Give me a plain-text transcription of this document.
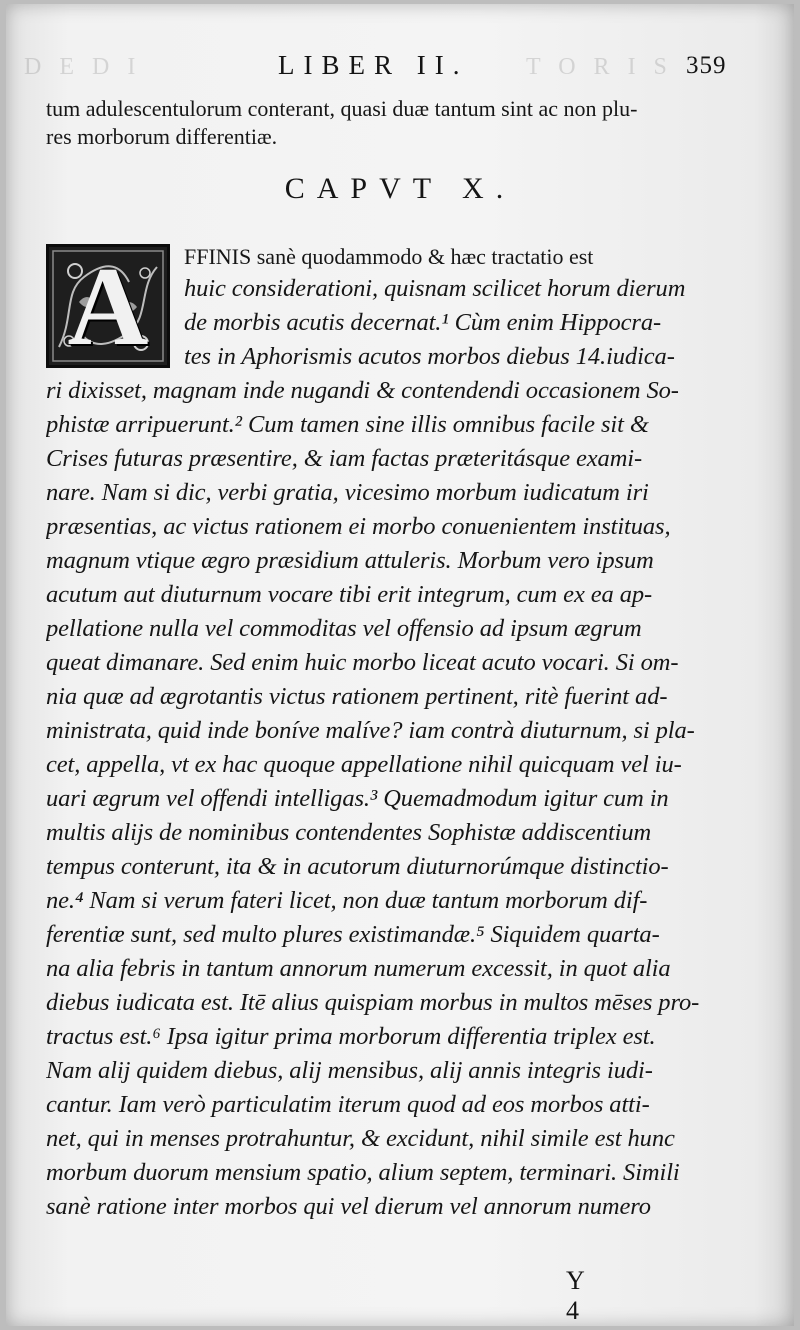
D E D I	LIBER II. T O R I S 359
tum adulescentulorum conterant, quasi duæ tantum sint ac non plu-
res morborum differentiæ.
CAPVT X.
A	FFINIS sanè quodammodo & hæc tractatio est
huic considerationi, quisnam scilicet horum dierum
de morbis acutis decernat.¹ Cùm enim Hippocra-
tes in Aphorismis acutos morbos diebus 14.iudica-
ri dixisset, magnam inde nugandi & contendendi occasionem So-
phistæ arripuerunt.² Cum tamen sine illis omnibus facile sit &
Crises futuras præsentire, & iam factas præteritásque exami-
nare. Nam si dic, verbi gratia, vicesimo morbum iudicatum iri
præsentias, ac victus rationem ei morbo conuenientem instituas,
magnum vtique ægro præsidium attuleris. Morbum vero ipsum
acutum aut diuturnum vocare tibi erit integrum, cum ex ea ap-
pellatione nulla vel commoditas vel offensio ad ipsum ægrum
queat dimanare. Sed enim huic morbo liceat acuto vocari. Si om-
nia quæ ad ægrotantis victus rationem pertinent, ritè fuerint ad-
ministrata, quid inde boníve malíve? iam contrà diuturnum, si pla-
cet, appella, vt ex hac quoque appellatione nihil quicquam vel iu-
uari ægrum vel offendi intelligas.³ Quemadmodum igitur cum in
multis alijs de nominibus contendentes Sophistæ addiscentium
tempus conterunt, ita & in acutorum diuturnorúmque distinctio-
ne.⁴ Nam si verum fateri licet, non duæ tantum morborum dif-
ferentiæ sunt, sed multo plures existimandæ.⁵ Siquidem quarta-
na alia febris in tantum annorum numerum excessit, in quot alia
diebus iudicata est. Itē alius quispiam morbus in multos mēses pro-
tractus est.⁶ Ipsa igitur prima morborum differentia triplex est.
Nam alij quidem diebus, alij mensibus, alij annis integris iudi-
cantur. Iam verò particulatim iterum quod ad eos morbos atti-
net, qui in menses protrahuntur, & excidunt, nihil simile est hunc
morbum duorum mensium spatio, alium septem, terminari. Simili
sanè ratione inter morbos qui vel dierum vel annorum numero
Y 4
